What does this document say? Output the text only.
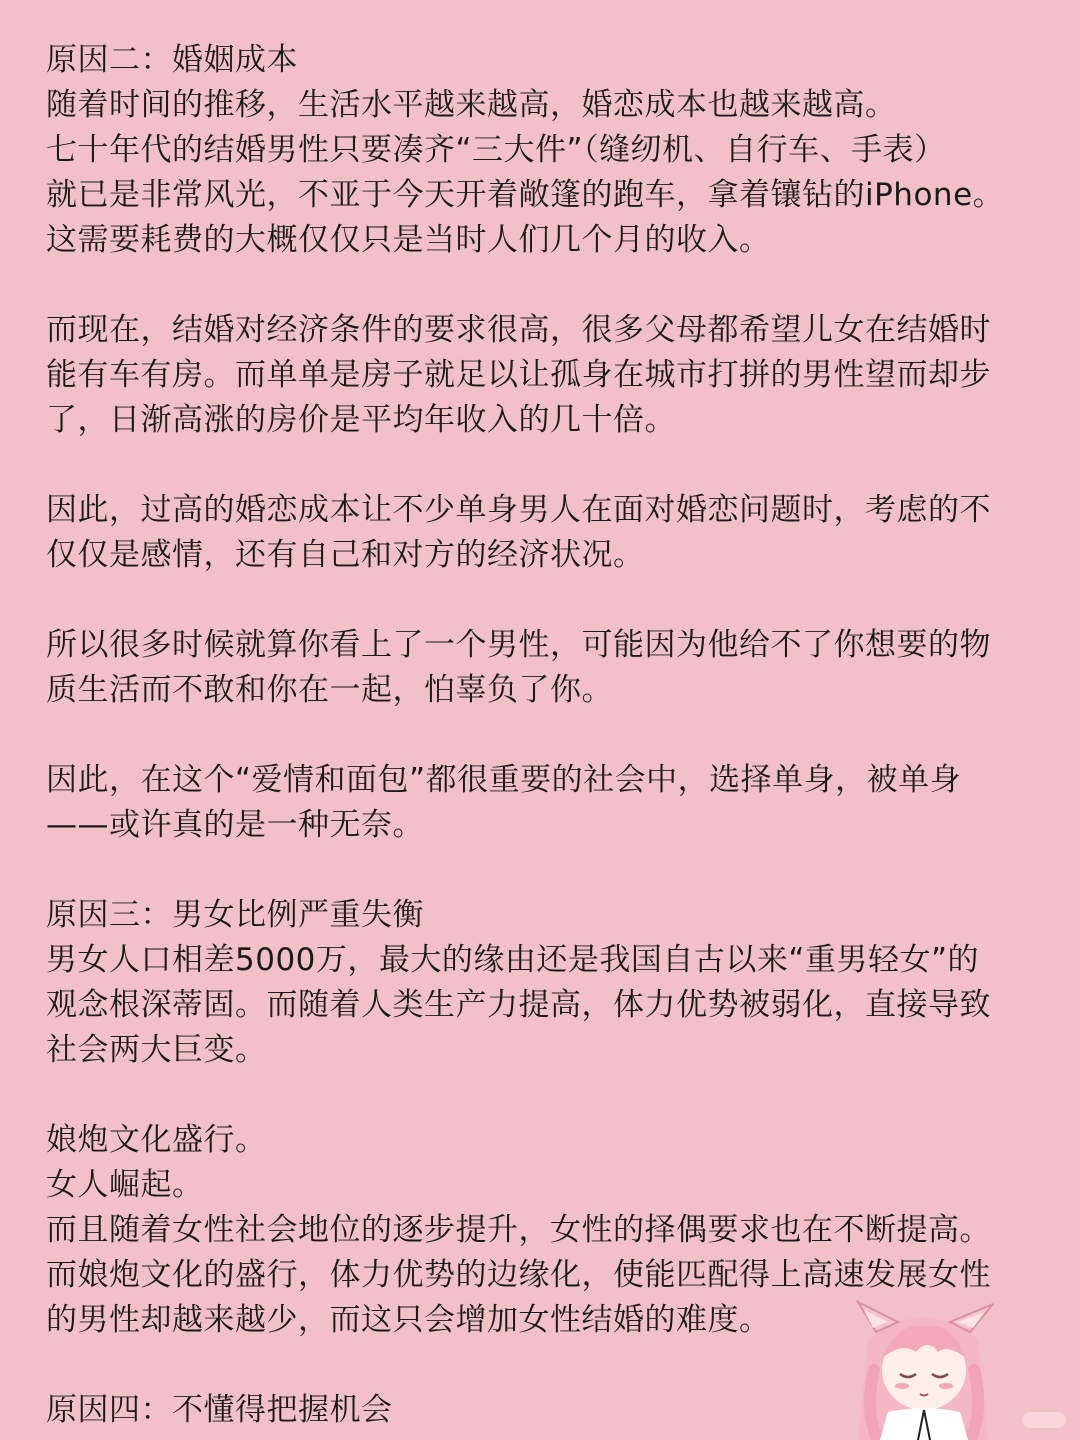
原因二：婚姻成本
随着时间的推移，生活水平越来越高，婚恋成本也越来越高。
七十年代的结婚男性只要凑齐“三大件”（缝纫机、自行车、手表）
就已是非常风光，不亚于今天开着敞篷的跑车，拿着镶钻的iPhone。
这需要耗费的大概仅仅只是当时人们几个月的收入。
而现在，结婚对经济条件的要求很高，很多父母都希望儿女在结婚时
能有车有房。而单单是房子就足以让孤身在城市打拼的男性望而却步
了，日渐高涨的房价是平均年收入的几十倍。
因此，过高的婚恋成本让不少单身男人在面对婚恋问题时，考虑的不
仅仅是感情，还有自己和对方的经济状况。
所以很多时候就算你看上了一个男性，可能因为他给不了你想要的物
质生活而不敢和你在一起，怕辜负了你。
因此，在这个“爱情和面包”都很重要的社会中，选择单身，被单身
——或许真的是一种无奈。
原因三：男女比例严重失衡
男女人口相差5000万，最大的缘由还是我国自古以来“重男轻女”的
观念根深蒂固。而随着人类生产力提高，体力优势被弱化，直接导致
社会两大巨变。
娘炮文化盛行。
女人崛起。
而且随着女性社会地位的逐步提升，女性的择偶要求也在不断提高。
而娘炮文化的盛行，体力优势的边缘化，使能匹配得上高速发展女性
的男性却越来越少，而这只会增加女性结婚的难度。
原因四：不懂得把握机会
